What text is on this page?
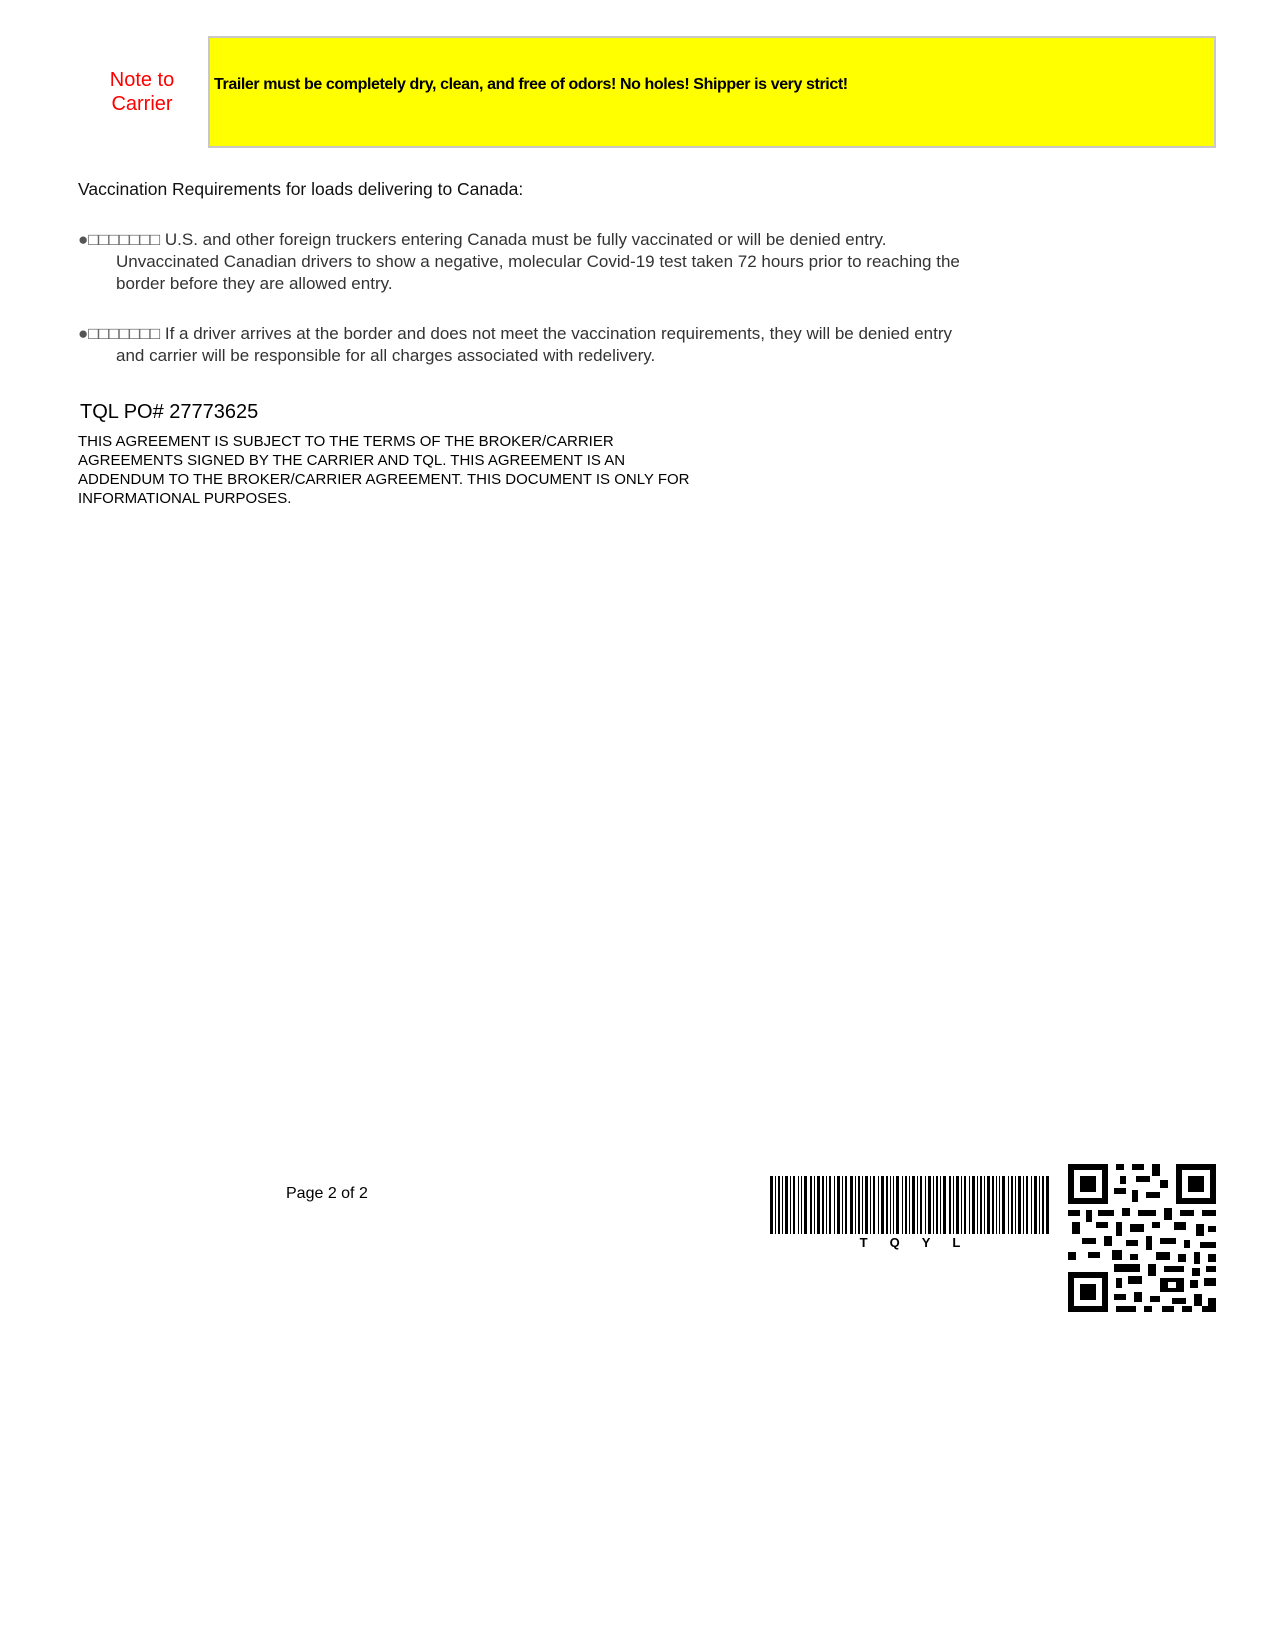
Note to
Carrier
Trailer must be completely dry, clean, and free of odors! No holes! Shipper is very strict!
Vaccination Requirements for loads delivering to Canada:
●□□□□□□□ U.S. and other foreign truckers entering Canada must be fully vaccinated or will be denied entry.
Unvaccinated Canadian drivers to show a negative, molecular Covid-19 test taken 72 hours prior to reaching the
border before they are allowed entry.
●□□□□□□□ If a driver arrives at the border and does not meet the vaccination requirements, they will be denied entry
and carrier will be responsible for all charges associated with redelivery.
TQL PO# 27773625
THIS AGREEMENT IS SUBJECT TO THE TERMS OF THE BROKER/CARRIER
AGREEMENTS SIGNED BY THE CARRIER AND TQL. THIS AGREEMENT IS AN
ADDENDUM TO THE BROKER/CARRIER AGREEMENT. THIS DOCUMENT IS ONLY FOR
INFORMATIONAL PURPOSES.
Page 2 of 2
TQYL
